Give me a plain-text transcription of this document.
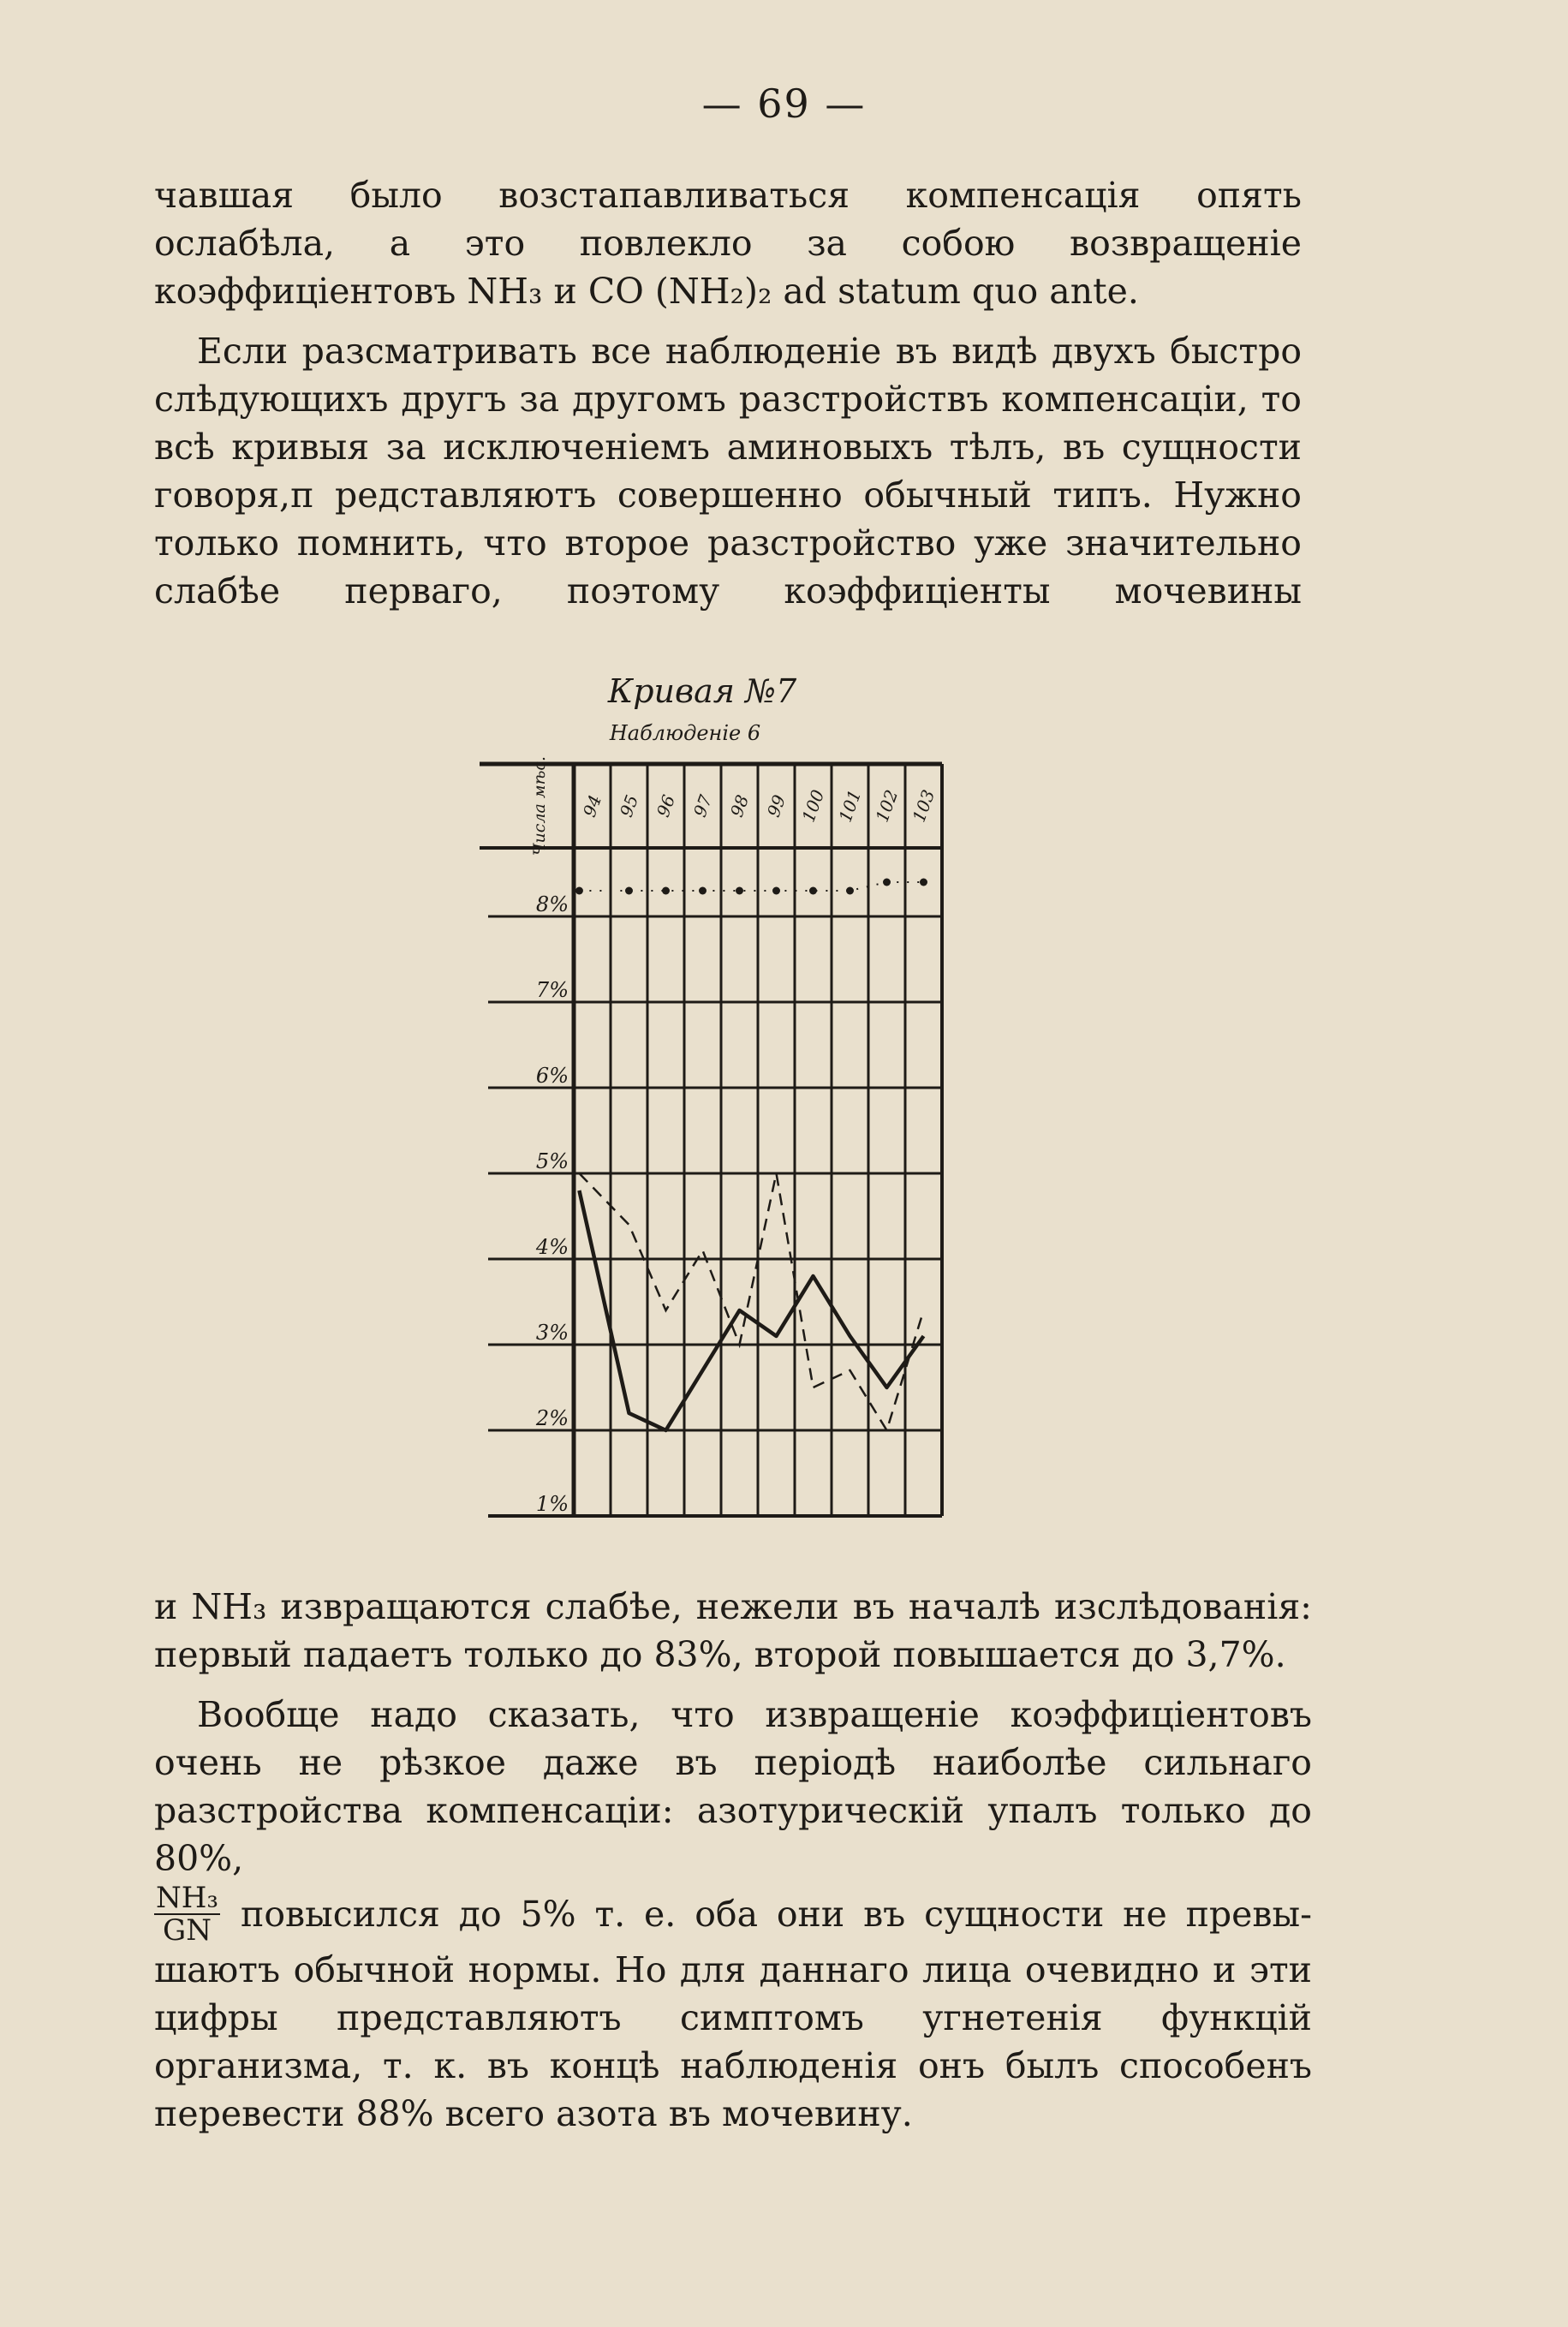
— 69 —

чавшая было возстапавливаться компенсація опять ослабѣла, а это повлекло за собою возвращеніе коэффиціентовъ NH₃ и CO (NH₂)₂ ad statum quo ante.

Если разсматривать все наблюденіе въ видѣ двухъ быстро слѣдующихъ другъ за другомъ разстройствъ компенсаціи, то всѣ кривыя за исключеніемъ аминовыхъ тѣлъ, въ сущности говоря,п редставляютъ совершенно обычный типъ. Нужно только помнить, что второе разстройство уже значительно слабѣе перваго, поэтому коэффиціенты мочевины

Кривая №7
Наблюденіе 6
94 95 96 97 98 99 100 101 102 103
8%
7%
6%
5%
4%
3%
2%
1%
Числа мѣс.

и NH₃ извращаются слабѣе, нежели въ началѣ изслѣдованія: первый падаетъ только до 83%, второй повышается до 3,7%.

Вообще надо сказать, что извращеніе коэффиціентовъ очень не рѣзкое даже въ періодѣ наиболѣе сильнаго разстройства компенсаціи: азотурическій упалъ только до 80%,

$\frac{\text{NH₃}}{GN}$ повысился до 5% т. е. оба они въ сущности не превы-

шаютъ обычной нормы. Но для даннаго лица очевидно и эти цифры представляютъ симптомъ угнетенія функцій организма, т. к. въ концѣ наблюденія онъ былъ способенъ перевести 88% всего азота въ мочевину.
